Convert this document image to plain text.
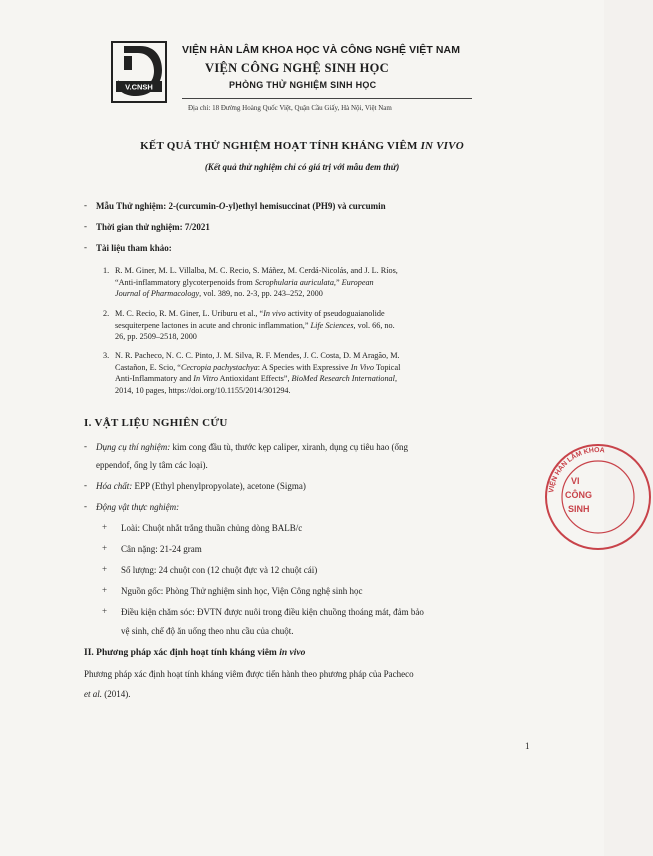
V.CNSH
VIỆN HÀN LÂM KHOA HỌC VÀ CÔNG NGHỆ VIỆT NAM
VIỆN CÔNG NGHỆ SINH HỌC
PHÒNG THỬ NGHIỆM SINH HỌC
Địa chỉ: 18 Đường Hoàng Quốc Việt, Quận Cầu Giấy, Hà Nội, Việt Nam
KẾT QUẢ THỬ NGHIỆM HOẠT TÍNH KHÁNG VIÊM IN VIVO
(Kết quả thử nghiệm chỉ có giá trị với mẫu đem thử)
- Mẫu Thử nghiệm: 2-(curcumin-O-yl)ethyl hemisuccinat (PH9) và curcumin
- Thời gian thử nghiệm: 7/2021
- Tài liệu tham khảo:
1. R. M. Giner, M. L. Villalba, M. C. Recio, S. Máñez, M. Cerdá-Nicolás, and J. L. Ríos,
“Anti-inflammatory glycoterpenoids from Scrophularia auriculata,” European
Journal of Pharmacology, vol. 389, no. 2-3, pp. 243–252, 2000
2. M. C. Recio, R. M. Giner, L. Uriburu et al., “In vivo activity of pseudoguaianolide
sesquiterpene lactones in acute and chronic inflammation,” Life Sciences, vol. 66, no.
26, pp. 2509–2518, 2000
3. N. R. Pacheco, N. C. C. Pinto, J. M. Silva, R. F. Mendes, J. C. Costa, D. M Aragão, M.
Castañon, E. Scio, “Cecropia pachystachya: A Species with Expressive In Vivo Topical
Anti-Inflammatory and In Vitro Antioxidant Effects”, BioMed Research International,
2014, 10 pages, https://doi.org/10.1155/2014/301294.
I. VẬT LIỆU NGHIÊN CỨU
- Dụng cụ thí nghiệm: kim cong đầu tù, thước kẹp caliper, xiranh, dụng cụ tiêu hao (ống
eppendof, ống ly tâm các loại).
- Hóa chất: EPP (Ethyl phenylpropyolate), acetone (Sigma)
- Động vật thực nghiệm:
+ Loài: Chuột nhắt trắng thuần chủng dòng BALB/c
+ Cân nặng: 21-24 gram
+ Số lượng: 24 chuột con (12 chuột đực và 12 chuột cái)
+ Nguồn gốc: Phòng Thử nghiệm sinh học, Viện Công nghệ sinh học
+ Điều kiện chăm sóc: ĐVTN được nuôi trong điều kiện chuồng thoáng mát, đảm bảo
vệ sinh, chế độ ăn uống theo nhu cầu của chuột.
II. Phương pháp xác định hoạt tính kháng viêm in vivo
Phương pháp xác định hoạt tính kháng viêm được tiến hành theo phương pháp của Pacheco
et al. (2014).
1
VIỆN HÀN LÂM KHOA
VI
CÔNG
SINH
